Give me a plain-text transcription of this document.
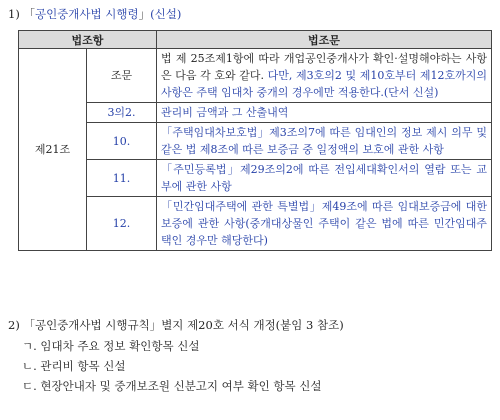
1) 「공인중개사법 시행령」(신설)
법조항		법조문
제21조	조문	법 제 25조제1항에 따라 개업공인중개사가 확인·설명해야하는 사항은 다음 각 호와 같다. 다만, 제3호의2 및 제10호부터 제12호까지의 사항은 주택 임대차 중개의 경우에만 적용한다.(단서 신설)
	3의2.	관리비 금액과 그 산출내역
	10.	「주택임대차보호법」제3조의7에 따른 임대인의 정보 제시 의무 및 같은 법 제8조에 따른 보증금 중 일정액의 보호에 관한 사항
	11.	「주민등록법」제29조의2에 따른 전입세대확인서의 열람 또는 교부에 관한 사항
	12.	「민간임대주택에 관한 특별법」제49조에 따른 임대보증금에 대한 보증에 관한 사항(중개대상물인 주택이 같은 법에 따른 민간임대주택인 경우만 해당한다)
2) 「공인중개사법 시행규칙」별지 제20호 서식 개정(붙임 3 참조)
ㄱ. 임대차 주요 정보 확인항목 신설
ㄴ. 관리비 항목 신설
ㄷ. 현장안내자 및 중개보조원 신분고지 여부 확인 항목 신설
